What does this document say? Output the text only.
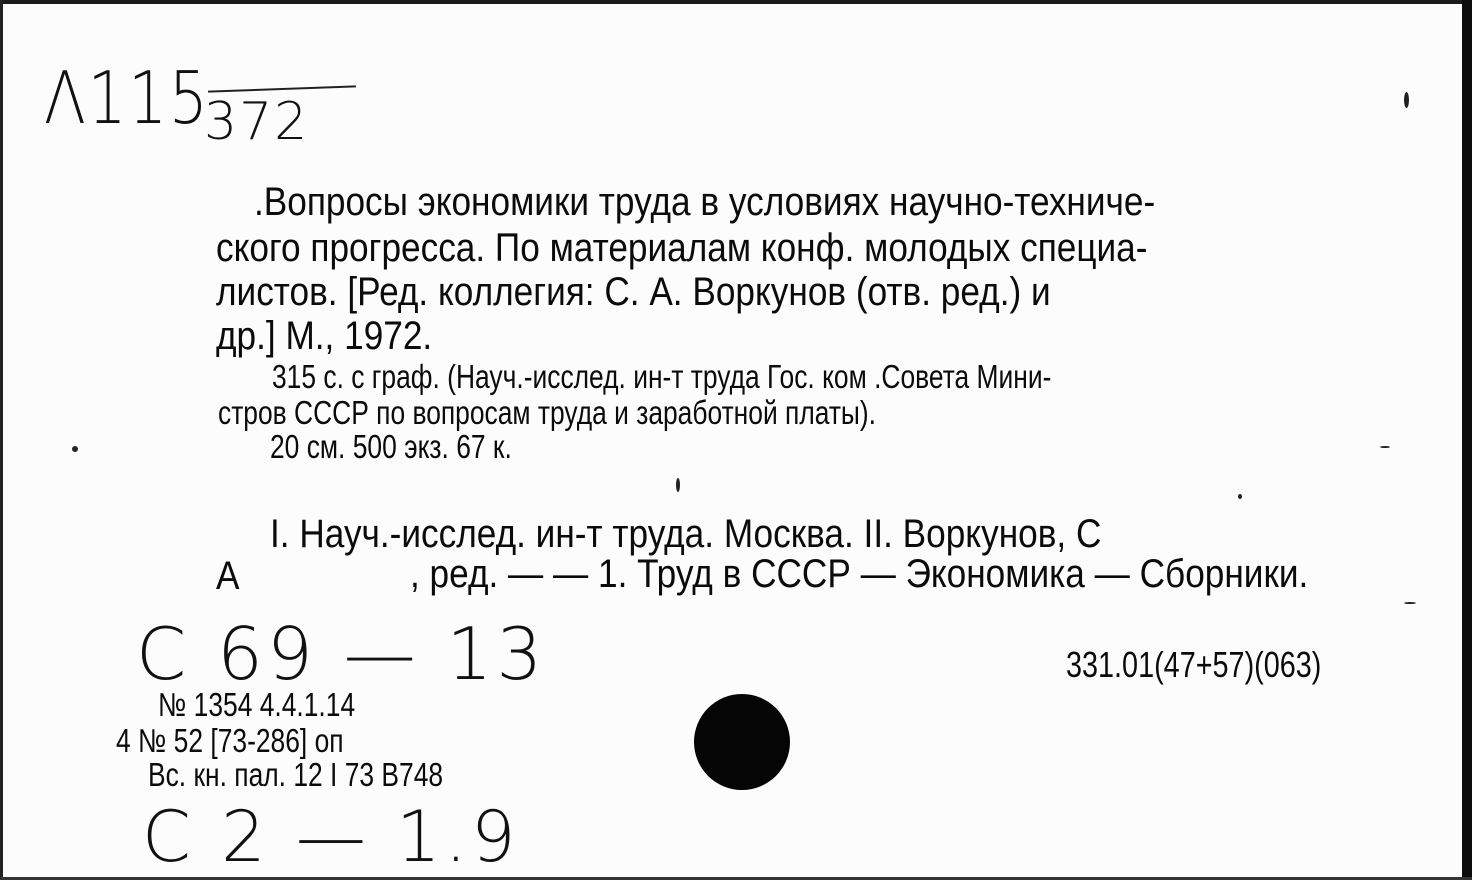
Λ115
372
.Вопросы экономики труда в условиях научно-техниче-
ского прогресса. По материалам конф. молодых специа-
листов. [Ред. коллегия: С. А. Воркунов (отв. ред.) и
др.] М., 1972.
315 с. с граф. (Науч.-исслед. ин-т труда Гос. ком .Совета Мини-
стров СССР по вопросам труда и заработной платы).
20 см. 500 экз. 67 к.
I. Науч.-исслед. ин-т труда. Москва. II. Воркунов, С
А	, ред. — — 1. Труд в СССР — Экономика — Сборники.
С 69 — 13
С 2 — 1.9
331.01(47+57)(063)
№ 1354 4.4.1.14
4 № 52 [73-286] оп
Вс. кн. пал. 12 I 73 В748
